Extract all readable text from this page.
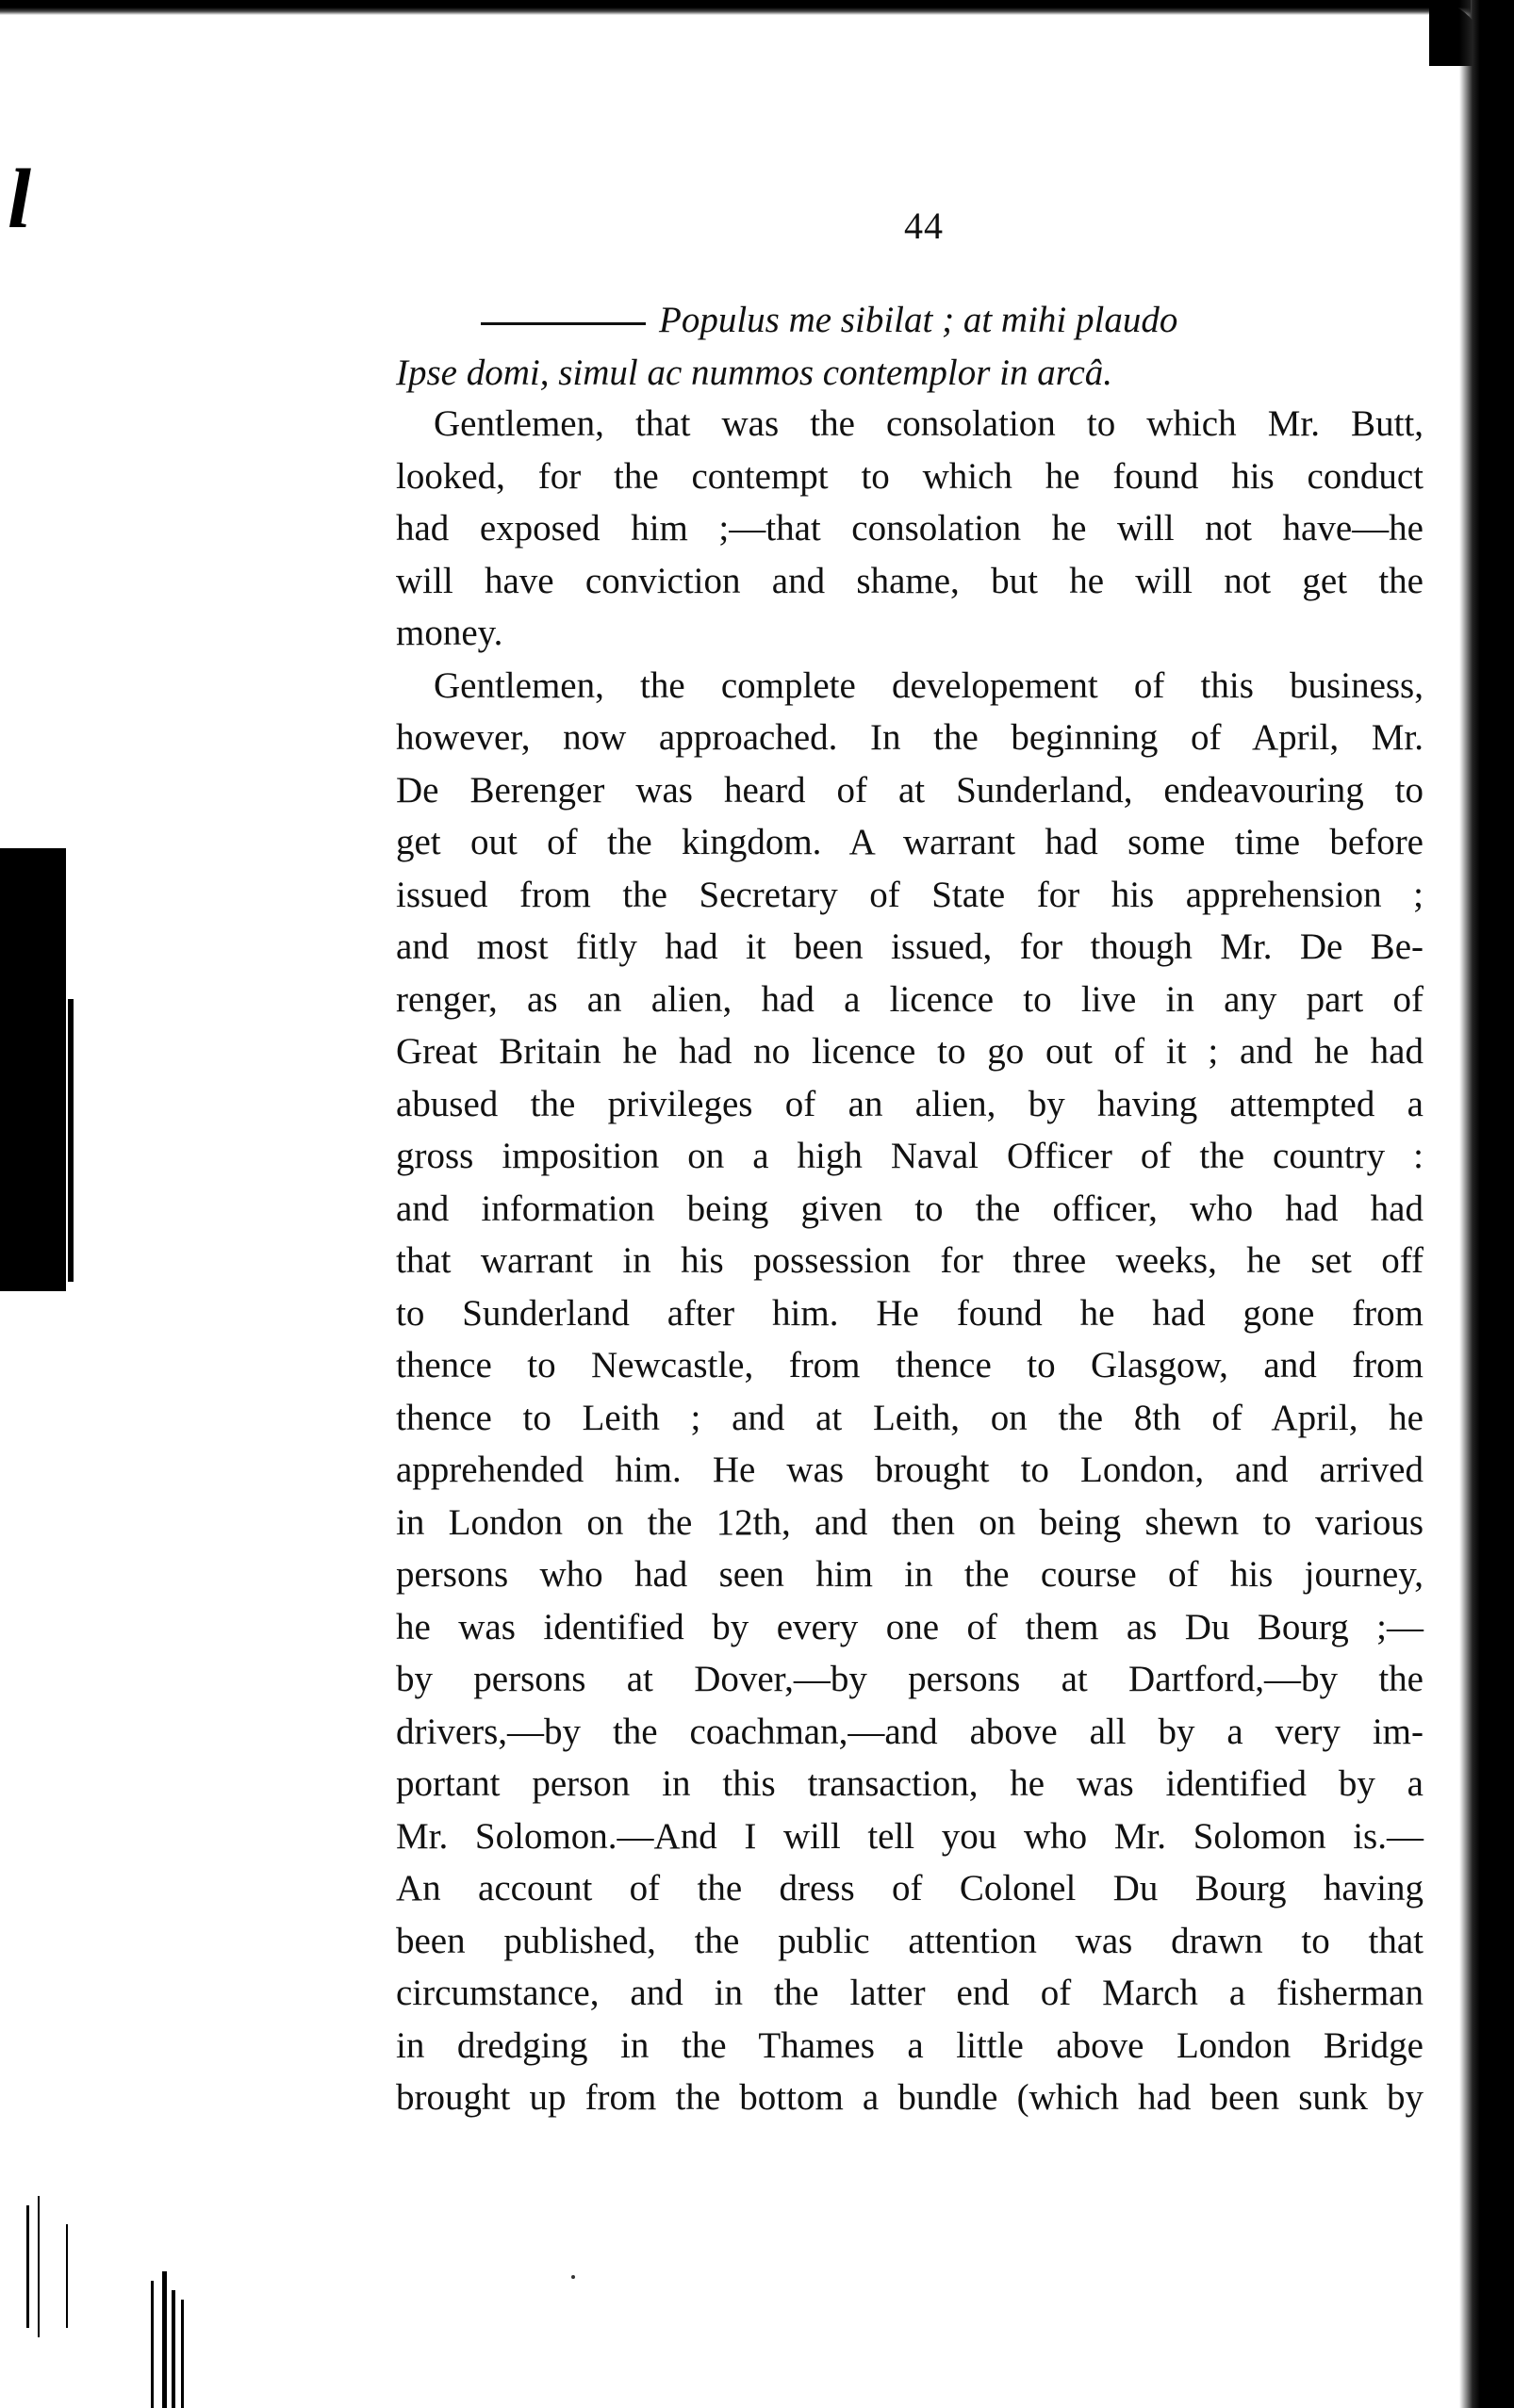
l	44
Populus me sibilat ; at mihi plaudo
Ipse domi, simul ac nummos contemplor in arcâ.
Gentlemen, that was the consolation to which Mr. Butt,
looked, for the contempt to which he found his conduct
had exposed him ;—that consolation he will not have—he
will have conviction and shame, but he will not get the
money.
Gentlemen, the complete developement of this business,
however, now approached. In the beginning of April, Mr.
De Berenger was heard of at Sunderland, endeavouring to
get out of the kingdom. A warrant had some time before
issued from the Secretary of State for his apprehension ;
and most fitly had it been issued, for though Mr. De Be-
renger, as an alien, had a licence to live in any part of
Great Britain he had no licence to go out of it ; and he had
abused the privileges of an alien, by having attempted a
gross imposition on a high Naval Officer of the country :
and information being given to the officer, who had had
that warrant in his possession for three weeks, he set off
to Sunderland after him. He found he had gone from
thence to Newcastle, from thence to Glasgow, and from
thence to Leith ; and at Leith, on the 8th of April, he
apprehended him. He was brought to London, and arrived
in London on the 12th, and then on being shewn to various
persons who had seen him in the course of his journey,
he was identified by every one of them as Du Bourg ;—
by persons at Dover,—by persons at Dartford,—by the
drivers,—by the coachman,—and above all by a very im-
portant person in this transaction, he was identified by a
Mr. Solomon.—And I will tell you who Mr. Solomon is.—
An account of the dress of Colonel Du Bourg having
been published, the public attention was drawn to that
circumstance, and in the latter end of March a fisherman
in dredging in the Thames a little above London Bridge
brought up from the bottom a bundle (which had been sunk by
